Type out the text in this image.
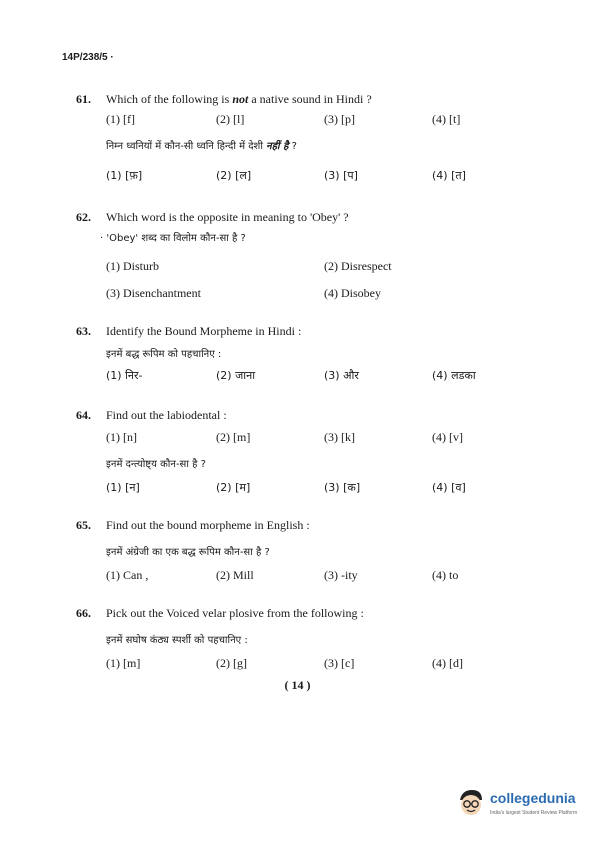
14P/238/5 ·
61. Which of the following is not a native sound in Hindi ?
(1) [f]	(2) [l]	(3) [p]	(4) [t]
निम्न ध्वनियों में कौन-सी ध्वनि हिन्दी में देशी नहीं है ?
(1) [फ़]	(2) [ल]	(3) [प]	(4) [त]
62. Which word is the opposite in meaning to 'Obey' ?
· 'Obey' शब्द का विलोम कौन-सा है ?
(1) Disturb	(2) Disrespect
(3) Disenchantment	(4) Disobey
63. Identify the Bound Morpheme in Hindi :
इनमें बद्ध रूपिम को पहचानिए :
(1) निर-	(2) जाना	(3) और	(4) लडका
64. Find out the labiodental :
(1) [n]	(2) [m]	(3) [k]	(4) [v]
इनमें दन्त्योष्ट्य कौन-सा है ?
(1) [न]	(2) [म]	(3) [क]	(4) [व]
65. Find out the bound morpheme in English :
इनमें अंग्रेजी का एक बद्ध रूपिम कौन-सा है ?
(1) Can ,	(2) Mill	(3) -ity	(4) to
66. Pick out the Voiced velar plosive from the following :
इनमें सघोष कंठ्य स्पर्शी को पहचानिए :
(1) [m]	(2) [g]	(3) [c]	(4) [d]
( 14 )
collegedunia
India's largest Student Review Platform
